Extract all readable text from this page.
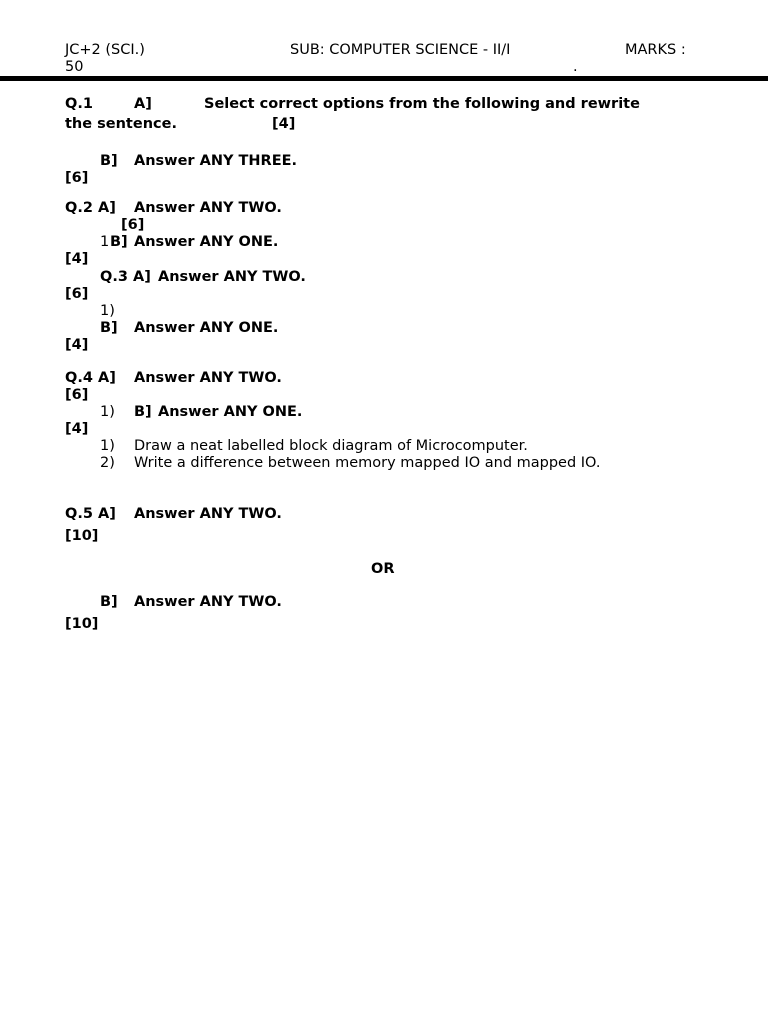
JC+2 (SCI.)	SUB: COMPUTER SCIENCE - II/I	MARKS :
50	.
Q.1	A]	Select correct options from the following and rewrite
the sentence.	[4]
B] Answer ANY THREE.
[6]
Q.2 A] Answer ANY TWO.
[6]
1 B] Answer ANY ONE.
[4]
Q.3 A] Answer ANY TWO.
[6]
1)
B] Answer ANY ONE.
[4]
Q.4 A] Answer ANY TWO.
[6]
1) B] Answer ANY ONE.
[4]
1) Draw a neat labelled block diagram of Microcomputer.
2) Write a difference between memory mapped IO and mapped IO.
Q.5 A] Answer ANY TWO.
[10]
OR
B] Answer ANY TWO.
[10]
